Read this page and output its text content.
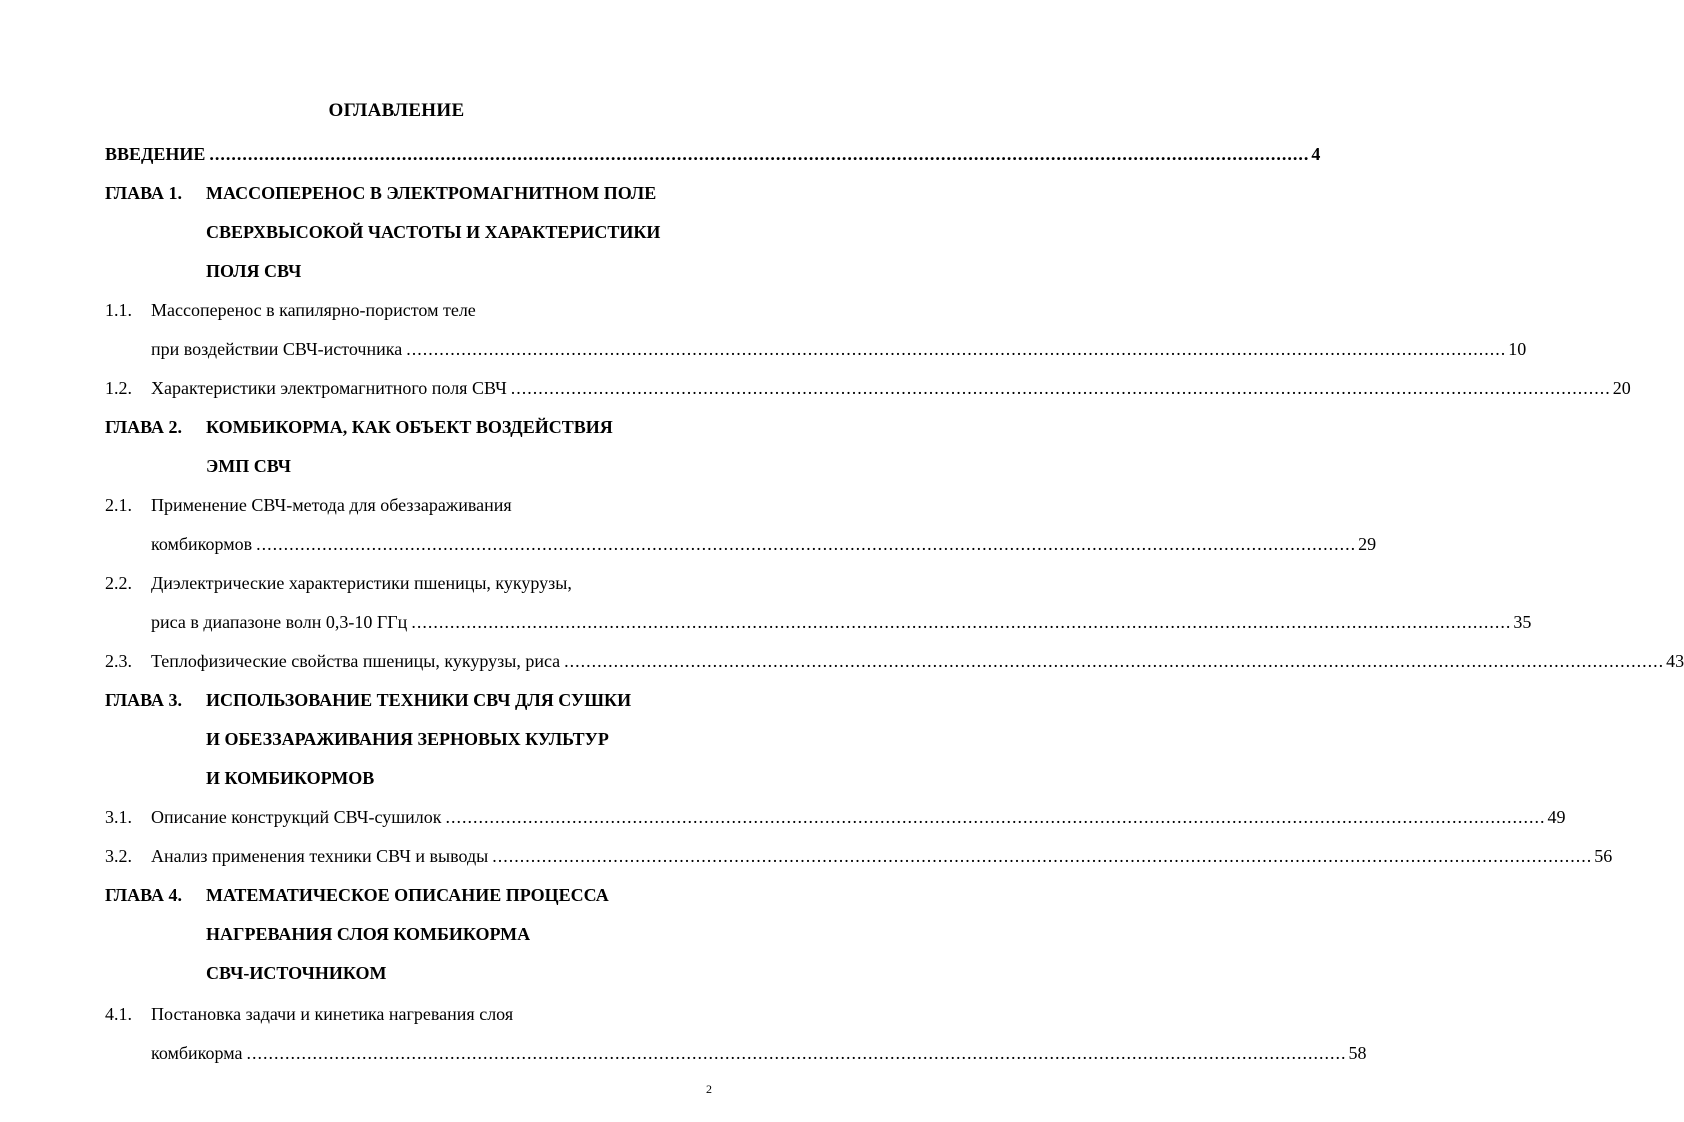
ОГЛАВЛЕНИЕ
ВВЕДЕНИЕ ........................................................................................................................................................................................................ 4
ГЛАВА 1. МАССОПЕРЕНОС В ЭЛЕКТРОМАГНИТНОМ ПОЛЕ
СВЕРХВЫСОКОЙ ЧАСТОТЫ И ХАРАКТЕРИСТИКИ
ПОЛЯ СВЧ
1.1. Массоперенос в капилярно-пористом теле
при воздействии СВЧ-источника ........................................................................................................................................................................................................ 10
1.2. Характеристики электромагнитного поля СВЧ ........................................................................................................................................................................................................ 20
ГЛАВА 2. КОМБИКОРМА, КАК ОБЪЕКТ ВОЗДЕЙСТВИЯ
ЭМП СВЧ
2.1. Применение СВЧ-метода для обеззараживания
комбикормов ........................................................................................................................................................................................................ 29
2.2. Диэлектрические характеристики пшеницы, кукурузы,
риса в диапазоне волн 0,3-10 ГГц ........................................................................................................................................................................................................ 35
2.3. Теплофизические свойства пшеницы, кукурузы, риса ........................................................................................................................................................................................................ 43
ГЛАВА 3. ИСПОЛЬЗОВАНИЕ ТЕХНИКИ СВЧ ДЛЯ СУШКИ
И ОБЕЗЗАРАЖИВАНИЯ ЗЕРНОВЫХ КУЛЬТУР
И КОМБИКОРМОВ
3.1. Описание конструкций СВЧ-сушилок ........................................................................................................................................................................................................ 49
3.2. Анализ применения техники СВЧ и выводы ........................................................................................................................................................................................................ 56
ГЛАВА 4. МАТЕМАТИЧЕСКОЕ ОПИСАНИЕ ПРОЦЕССА
НАГРЕВАНИЯ СЛОЯ КОМБИКОРМА
СВЧ-ИСТОЧНИКОМ
4.1. Постановка задачи и кинетика нагревания слоя
комбикорма ........................................................................................................................................................................................................ 58
2
